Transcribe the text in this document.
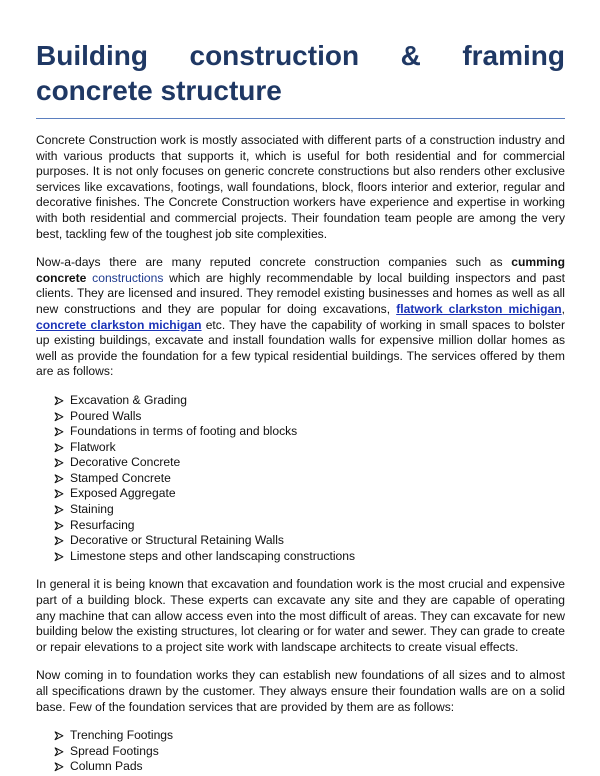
Building construction & framing concrete structure

Concrete Construction work is mostly associated with different parts of a construction industry and with various products that supports it, which is useful for both residential and for commercial purposes. It is not only focuses on generic concrete constructions but also renders other exclusive services like excavations, footings, wall foundations, block, floors interior and exterior, regular and decorative finishes. The Concrete Construction workers have experience and expertise in working with both residential and commercial projects. Their foundation team people are among the very best, tackling few of the toughest job site complexities.

Now-a-days there are many reputed concrete construction companies such as cumming concrete constructions which are highly recommendable by local building inspectors and past clients. They are licensed and insured. They remodel existing businesses and homes as well as all new constructions and they are popular for doing excavations, flatwork clarkston michigan, concrete clarkston michigan etc. They have the capability of working in small spaces to bolster up existing buildings, excavate and install foundation walls for expensive million dollar homes as well as provide the foundation for a few typical residential buildings. The services offered by them are as follows:

Excavation & Grading
Poured Walls
Foundations in terms of footing and blocks
Flatwork
Decorative Concrete
Stamped Concrete
Exposed Aggregate
Staining
Resurfacing
Decorative or Structural Retaining Walls
Limestone steps and other landscaping constructions

In general it is being known that excavation and foundation work is the most crucial and expensive part of a building block. These experts can excavate any site and they are capable of operating any machine that can allow access even into the most difficult of areas. They can excavate for new building below the existing structures, lot clearing or for water and sewer. They can grade to create or repair elevations to a project site work with landscape architects to create visual effects.

Now coming in to foundation works they can establish new foundations of all sizes and to almost all specifications drawn by the customer. They always ensure their foundation walls are on a solid base. Few of the foundation services that are provided by them are as follows:

Trenching Footings
Spread Footings
Column Pads
